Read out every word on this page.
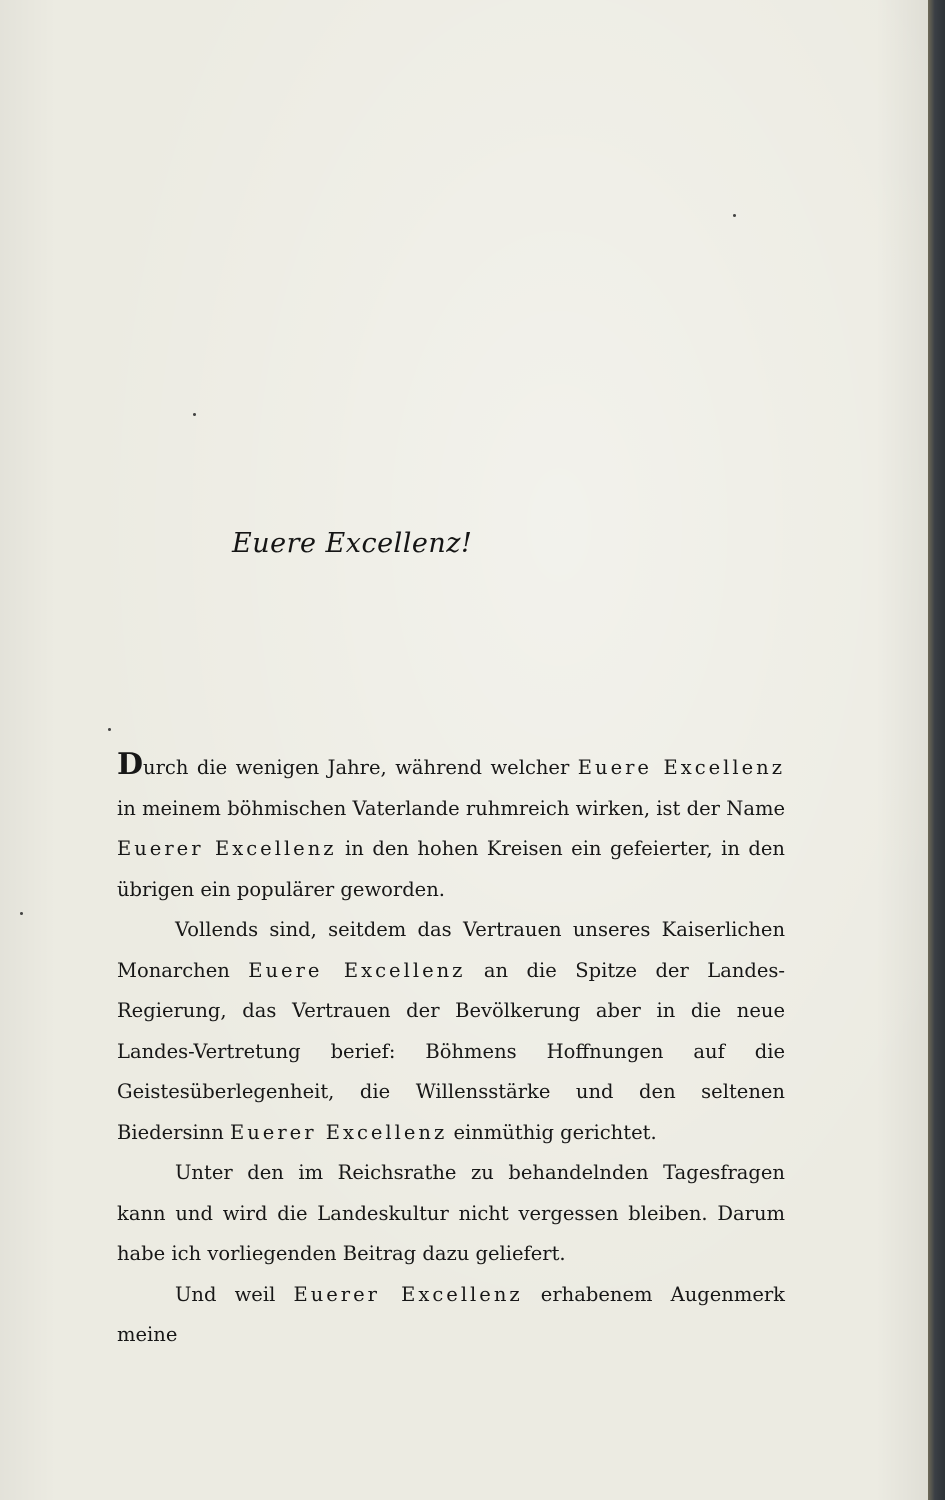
Euere Excellenz!

Durch die wenigen Jahre, während welcher Euere Excellenz in meinem böhmischen Vaterlande ruhmreich wirken, ist der Name Euerer Excellenz in den hohen Kreisen ein gefeierter, in den übrigen ein populärer geworden.

Vollends sind, seitdem das Vertrauen unseres Kaiserlichen Monarchen Euere Excellenz an die Spitze der Landes-Regierung, das Vertrauen der Bevölkerung aber in die neue Landes-Vertretung berief: Böhmens Hoffnungen auf die Geistesüberlegenheit, die Willensstärke und den seltenen Biedersinn Euerer Excellenz einmüthig gerichtet.

Unter den im Reichsrathe zu behandelnden Tagesfragen kann und wird die Landeskultur nicht vergessen bleiben. Darum habe ich vorliegenden Beitrag dazu geliefert.

Und weil Euerer Excellenz erhabenem Augenmerk meine
